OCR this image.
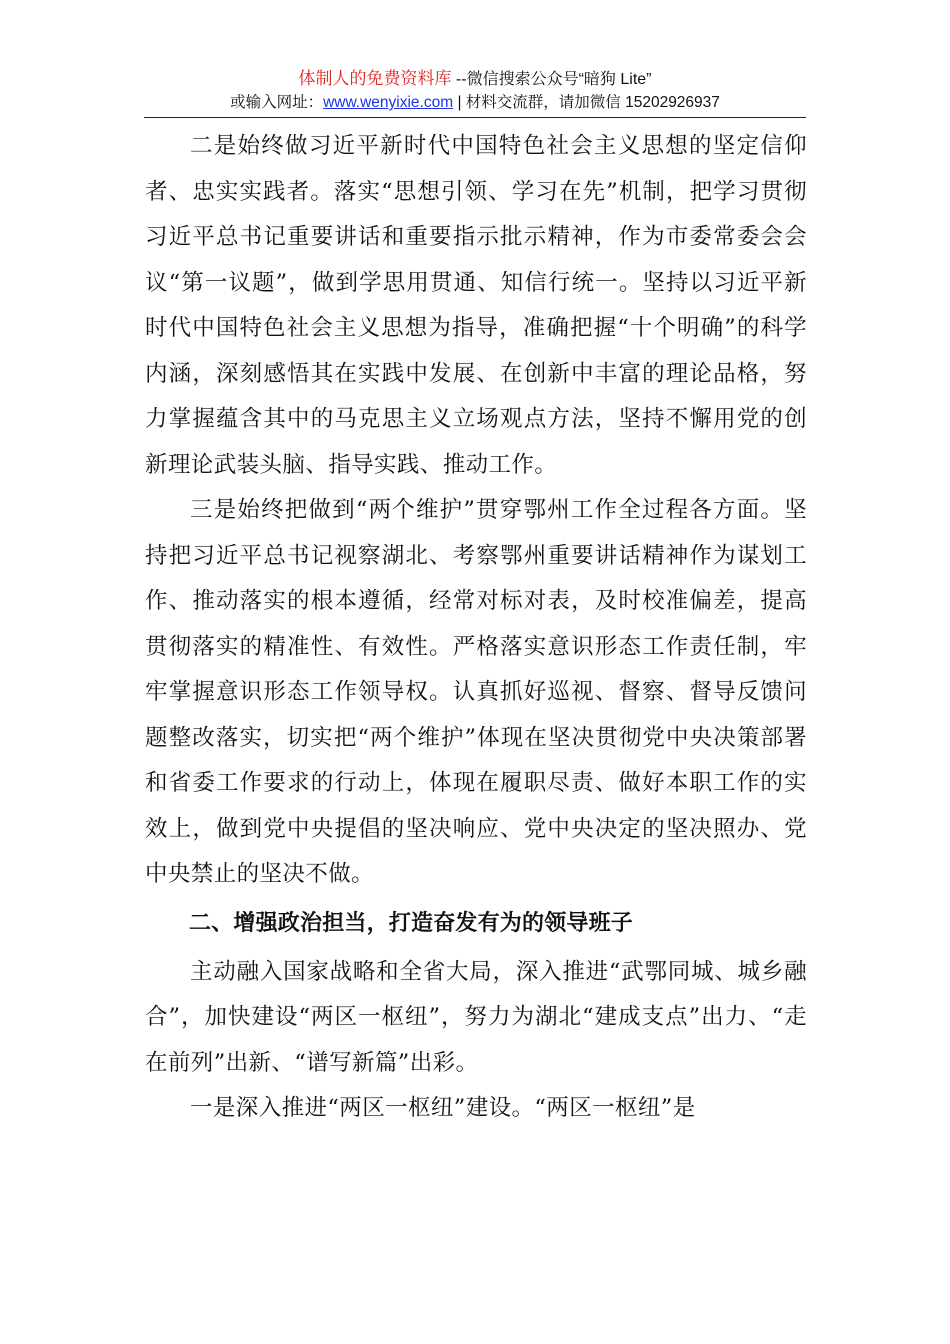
体制人的免费资料库 --微信搜索公众号“暗狗 Lite”
或输入网址：www.wenyixie.com | 材料交流群，请加微信 15202926937

二是始终做习近平新时代中国特色社会主义思想的坚定信仰者、忠实实践者。落实“思想引领、学习在先”机制，把学习贯彻习近平总书记重要讲话和重要指示批示精神，作为市委常委会会议“第一议题”，做到学思用贯通、知信行统一。坚持以习近平新时代中国特色社会主义思想为指导，准确把握“十个明确”的科学内涵，深刻感悟其在实践中发展、在创新中丰富的理论品格，努力掌握蕴含其中的马克思主义立场观点方法，坚持不懈用党的创新理论武装头脑、指导实践、推动工作。

三是始终把做到“两个维护”贯穿鄂州工作全过程各方面。坚持把习近平总书记视察湖北、考察鄂州重要讲话精神作为谋划工作、推动落实的根本遵循，经常对标对表，及时校准偏差，提高贯彻落实的精准性、有效性。严格落实意识形态工作责任制，牢牢掌握意识形态工作领导权。认真抓好巡视、督察、督导反馈问题整改落实，切实把“两个维护”体现在坚决贯彻党中央决策部署和省委工作要求的行动上，体现在履职尽责、做好本职工作的实效上，做到党中央提倡的坚决响应、党中央决定的坚决照办、党中央禁止的坚决不做。

二、增强政治担当，打造奋发有为的领导班子

主动融入国家战略和全省大局，深入推进“武鄂同城、城乡融合”，加快建设“两区一枢纽”，努力为湖北“建成支点”出力、“走在前列”出新、“谱写新篇”出彩。

一是深入推进“两区一枢纽”建设。“两区一枢纽”是
